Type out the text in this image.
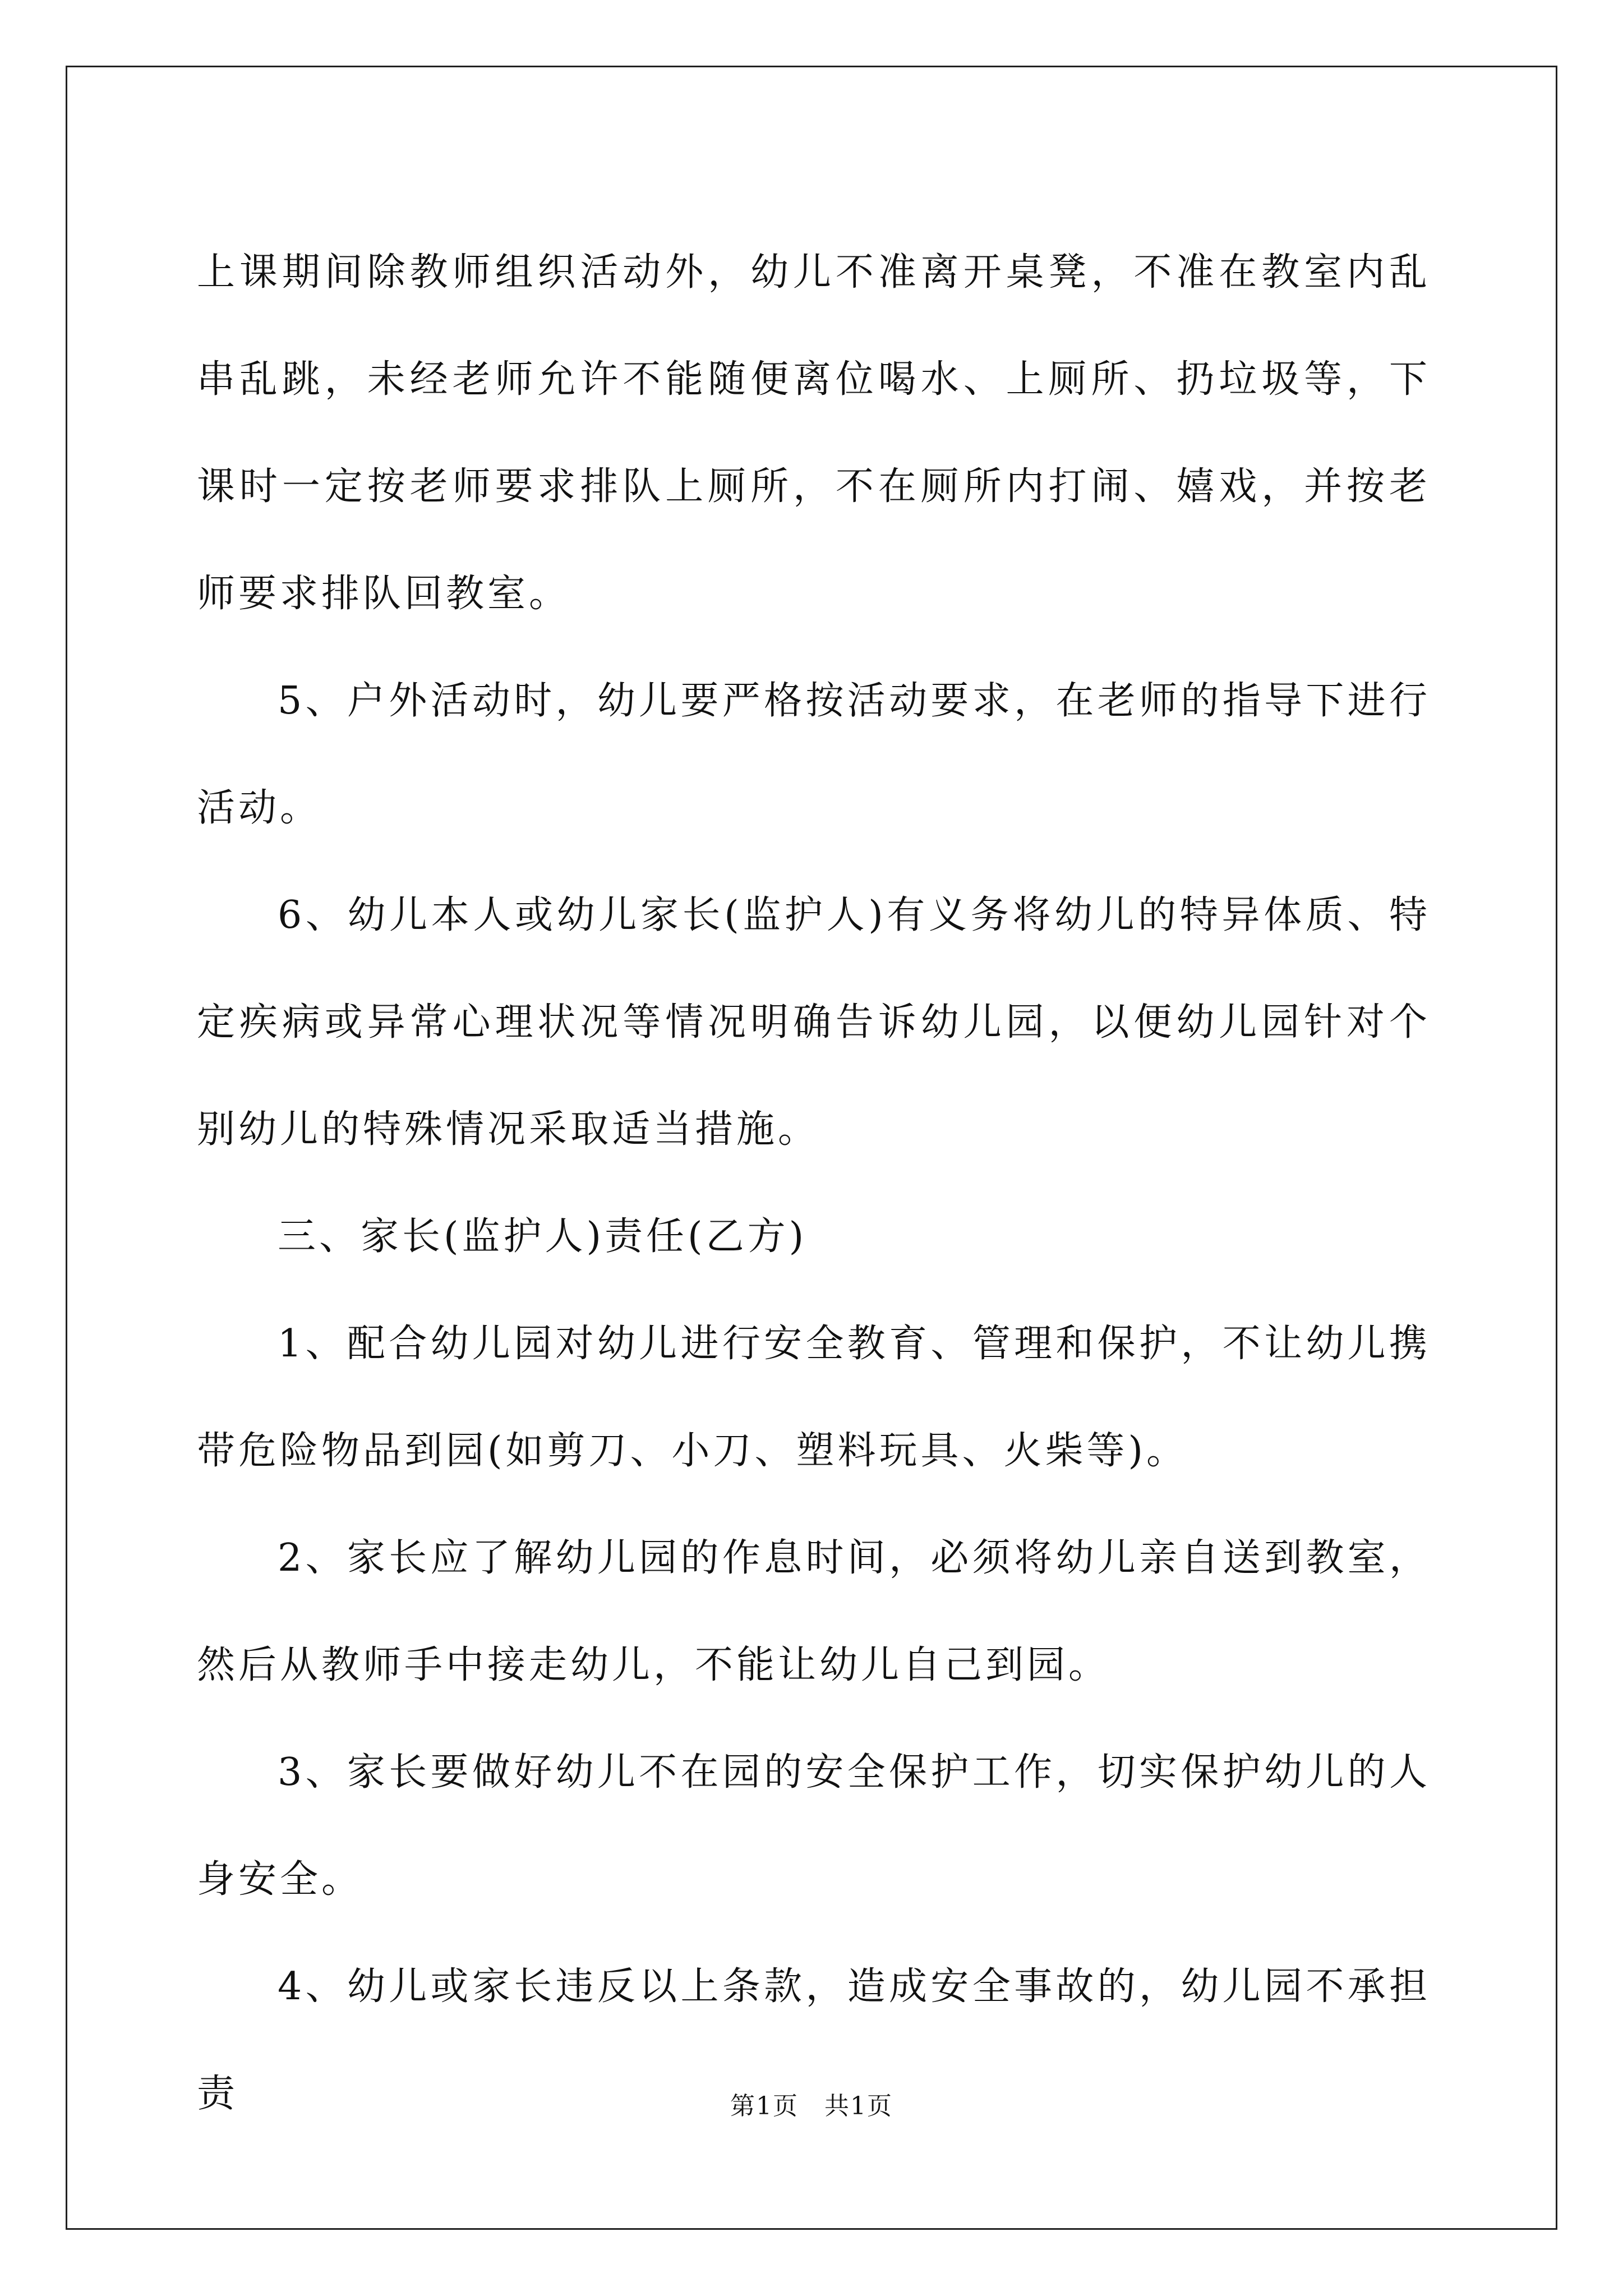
上课期间除教师组织活动外，幼儿不准离开桌凳，不准在教室内乱串乱跳，未经老师允许不能随便离位喝水、上厕所、扔垃圾等，下课时一定按老师要求排队上厕所，不在厕所内打闹、嬉戏，并按老师要求排队回教室。

5、户外活动时，幼儿要严格按活动要求，在老师的指导下进行活动。

6、幼儿本人或幼儿家长(监护人)有义务将幼儿的特异体质、特定疾病或异常心理状况等情况明确告诉幼儿园，以便幼儿园针对个别幼儿的特殊情况采取适当措施。

三、家长(监护人)责任(乙方)

1、配合幼儿园对幼儿进行安全教育、管理和保护，不让幼儿携带危险物品到园(如剪刀、小刀、塑料玩具、火柴等)。

2、家长应了解幼儿园的作息时间，必须将幼儿亲自送到教室，然后从教师手中接走幼儿，不能让幼儿自己到园。

3、家长要做好幼儿不在园的安全保护工作，切实保护幼儿的人身安全。

4、幼儿或家长违反以上条款，造成安全事故的，幼儿园不承担责	第1页　共1页
